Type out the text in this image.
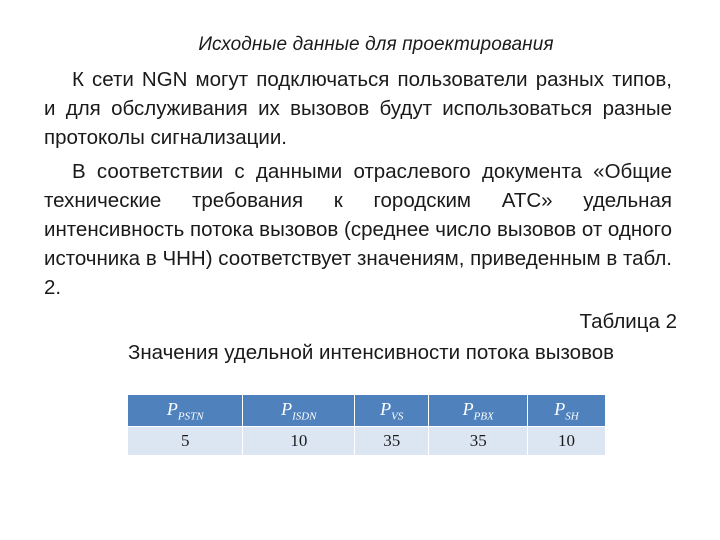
Исходные данные для проектирования

К сети NGN могут подключаться пользователи разных типов, и для обслуживания их вызовов будут использоваться разные протоколы сигнализации.

В соответствии с данными отраслевого документа «Общие технические требования к городским АТС» удельная интенсивность потока вызовов (среднее число вызовов от одного источника в ЧНН) соответствует значениям, приведенным в табл. 2.

Таблица 2
Значения удельной интенсивности потока вызовов
$P_{PSTN}$	$P_{ISDN}$	$P_{VS}$	$P_{PBX}$	$P_{SH}$
5	10	35	35	10
